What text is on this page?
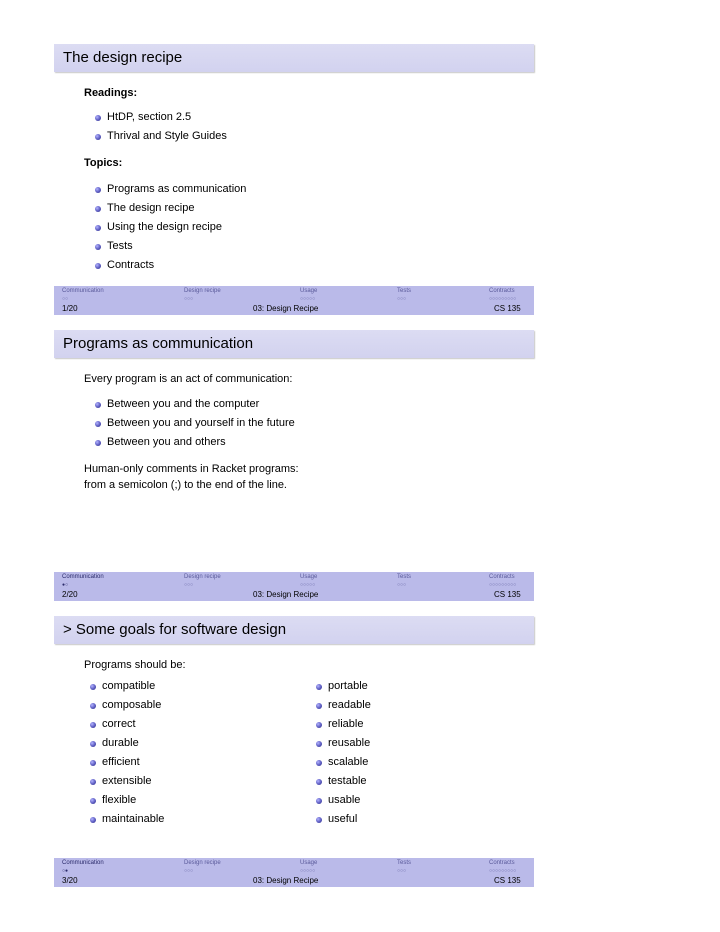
The design recipe
Readings:
HtDP, section 2.5
Thrival and Style Guides
Topics:
Programs as communication
The design recipe
Using the design recipe
Tests
Contracts
Communication	Design recipe	Usage	Tests	Contracts
○○	○○○	○○○○○	○○○	○○○○○○○○○
1/20	03: Design Recipe	CS 135
Programs as communication
Every program is an act of communication:
Between you and the computer
Between you and yourself in the future
Between you and others
Human-only comments in Racket programs:
from a semicolon (;) to the end of the line.
Communication	Design recipe	Usage	Tests	Contracts
●○	○○○	○○○○○	○○○	○○○○○○○○○
2/20	03: Design Recipe	CS 135
> Some goals for software design
Programs should be:
compatible
composable
correct
durable
efficient
extensible
flexible
maintainable
portable
readable
reliable
reusable
scalable
testable
usable
useful
Communication	Design recipe	Usage	Tests	Contracts
○●	○○○	○○○○○	○○○	○○○○○○○○○
3/20	03: Design Recipe	CS 135
